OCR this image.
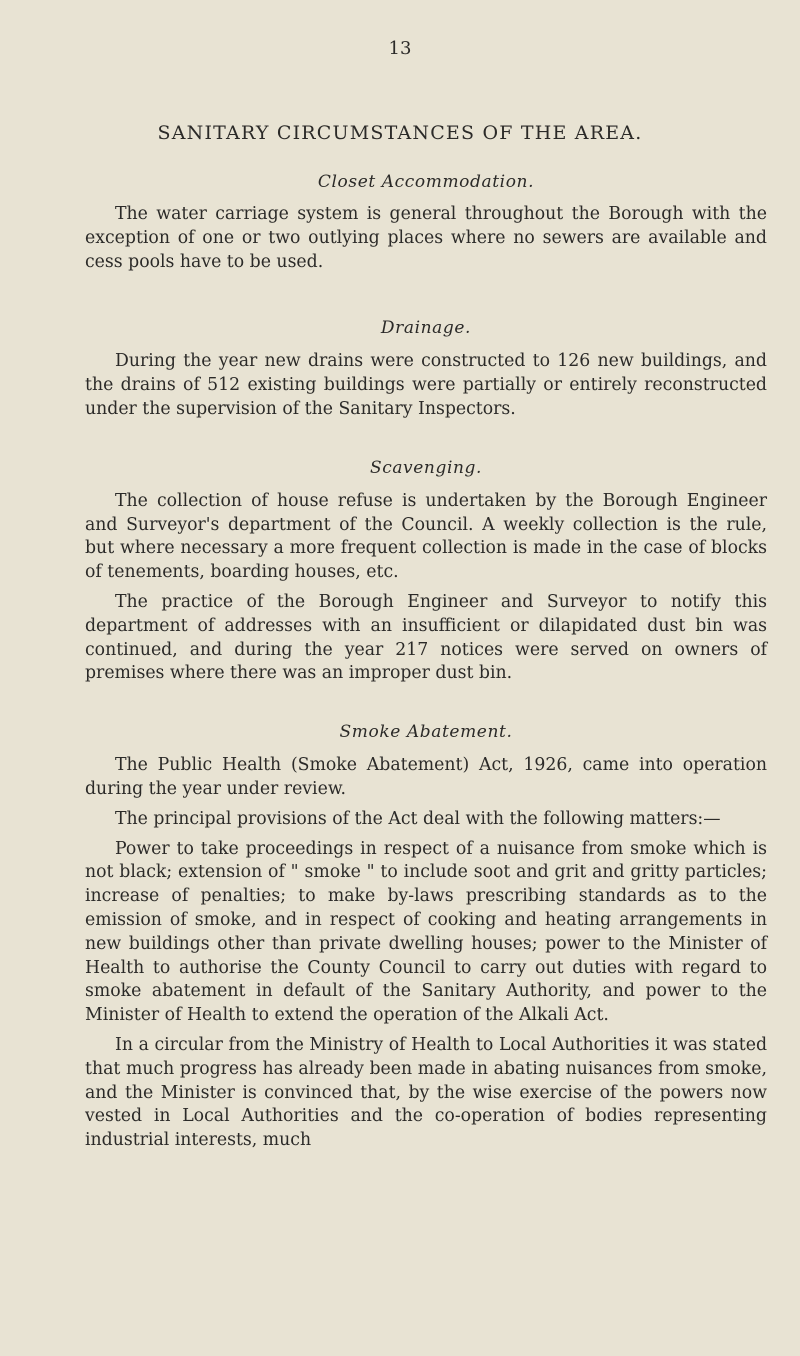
13
SANITARY CIRCUMSTANCES OF THE AREA.
Closet Accommodation.

The water carriage system is general throughout the Borough with the exception of one or two outlying places where no sewers are available and cess pools have to be used.

Drainage.

During the year new drains were constructed to 126 new buildings, and the drains of 512 existing buildings were partially or entirely reconstructed under the supervision of the Sanitary Inspectors.

Scavenging.

The collection of house refuse is undertaken by the Borough Engineer and Surveyor's department of the Council. A weekly collection is the rule, but where necessary a more frequent collection is made in the case of blocks of tenements, boarding houses, etc.

The practice of the Borough Engineer and Surveyor to notify this department of addresses with an insufficient or dilapidated dust bin was continued, and during the year 217 notices were served on owners of premises where there was an improper dust bin.

Smoke Abatement.

The Public Health (Smoke Abatement) Act, 1926, came into operation during the year under review.

The principal provisions of the Act deal with the following matters:—

Power to take proceedings in respect of a nuisance from smoke which is not black; extension of " smoke " to include soot and grit and gritty particles; increase of penalties; to make by-laws prescribing standards as to the emission of smoke, and in respect of cooking and heating arrangements in new buildings other than private dwelling houses; power to the Minister of Health to authorise the County Council to carry out duties with regard to smoke abatement in default of the Sanitary Authority, and power to the Minister of Health to extend the operation of the Alkali Act.

In a circular from the Ministry of Health to Local Authorities it was stated that much progress has already been made in abating nuisances from smoke, and the Minister is convinced that, by the wise exercise of the powers now vested in Local Authorities and the co-operation of bodies representing industrial interests, much
